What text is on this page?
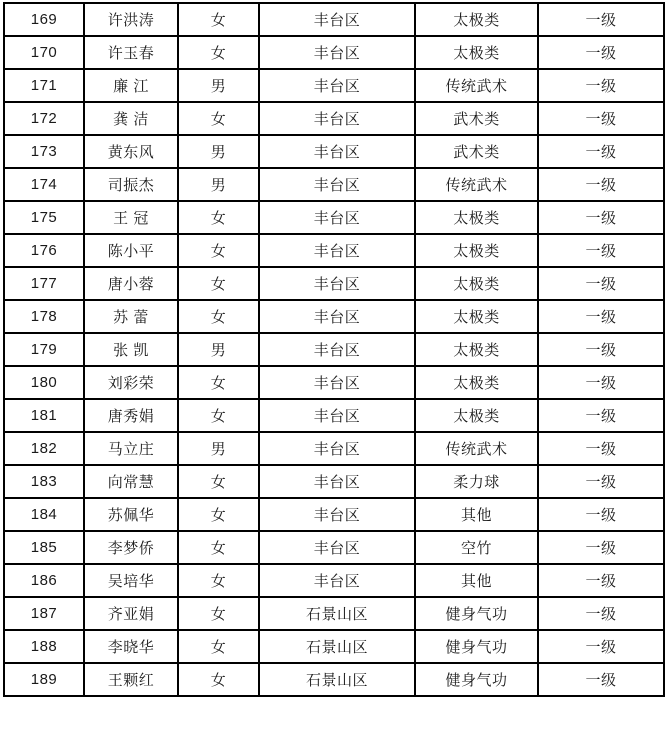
169	许洪涛	女	丰台区	太极类	一级
170	许玉春	女	丰台区	太极类	一级
171	廉 江	男	丰台区	传统武术	一级
172	龚 洁	女	丰台区	武术类	一级
173	黄东风	男	丰台区	武术类	一级
174	司振杰	男	丰台区	传统武术	一级
175	王 冠	女	丰台区	太极类	一级
176	陈小平	女	丰台区	太极类	一级
177	唐小蓉	女	丰台区	太极类	一级
178	苏 蕾	女	丰台区	太极类	一级
179	张 凯	男	丰台区	太极类	一级
180	刘彩荣	女	丰台区	太极类	一级
181	唐秀娟	女	丰台区	太极类	一级
182	马立庄	男	丰台区	传统武术	一级
183	向常慧	女	丰台区	柔力球	一级
184	苏佩华	女	丰台区	其他	一级
185	李梦侨	女	丰台区	空竹	一级
186	吴培华	女	丰台区	其他	一级
187	齐亚娟	女	石景山区	健身气功	一级
188	李晓华	女	石景山区	健身气功	一级
189	王颗红	女	石景山区	健身气功	一级
